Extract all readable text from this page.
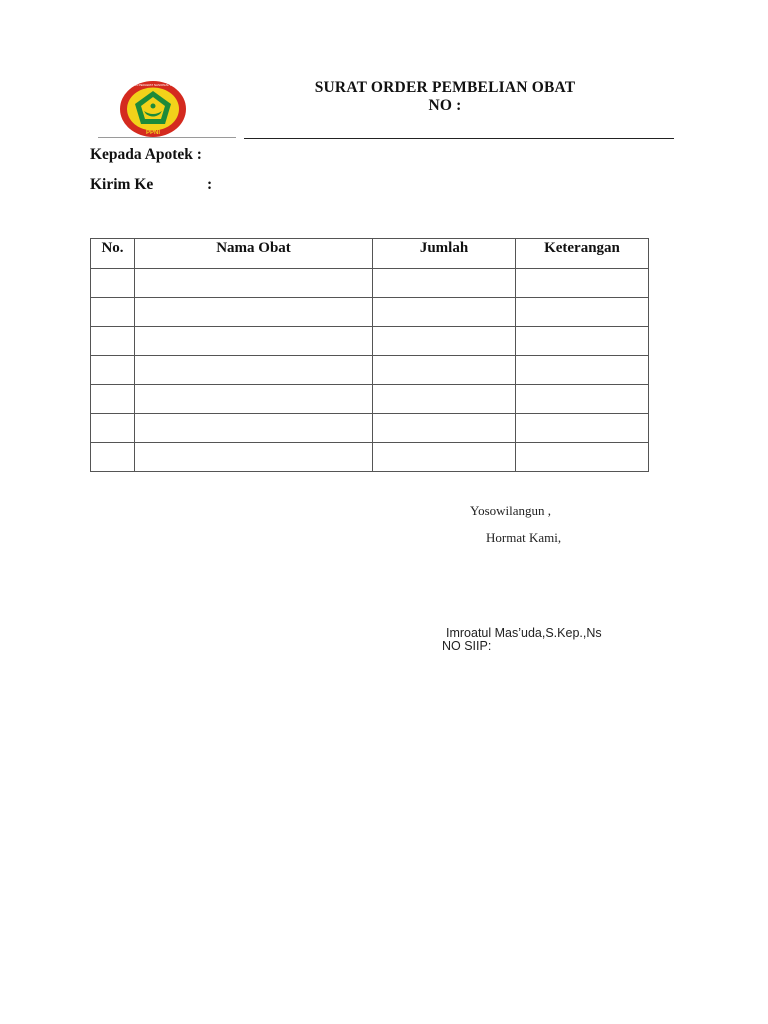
PPNI
PERSATUAN PERAWAT NASIONAL INDONESIA	SURAT ORDER PEMBELIAN OBAT
NO :
Kepada Apotek :
Kirim Ke	:
No.	Nama Obat	Jumlah	Keterangan

Yosowilangun ,
Hormat Kami,
Imroatul Mas’uda,S.Kep.,Ns
NO SIIP:
